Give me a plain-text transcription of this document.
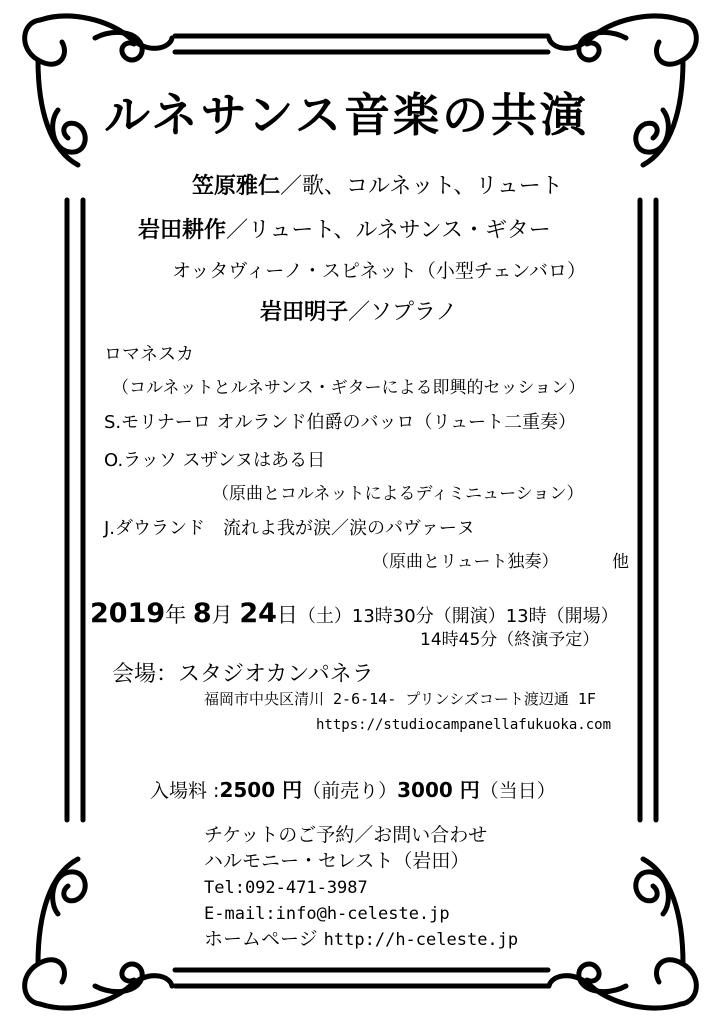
ルネサンス音楽の共演
笠原雅仁／歌、コルネット、リュート
岩田耕作／リュート、ルネサンス・ギター
オッタヴィーノ・スピネット（小型チェンバロ）
岩田明子／ソプラノ
ロマネスカ
（コルネットとルネサンス・ギターによる即興的セッション）
S.モリナーロ オルランド伯爵のバッロ（リュート二重奏）
O.ラッソ スザンヌはある日
（原曲とコルネットによるディミニューション）
J.ダウランド　流れよ我が涙／涙のパヴァーヌ
（原曲とリュート独奏）	他
2019年 8月 24日（土）13時30分（開演）13時（開場）
14時45分（終演予定）
会場：スタジオカンパネラ
福岡市中央区清川 2-6-14- プリンシズコート渡辺通 1F
https://studiocampanellafukuoka.com
入場料 :2500 円（前売り）3000 円（当日）
チケットのご予約／お問い合わせ
ハルモニー・セレスト（岩田）
Tel:092-471-3987
E-mail:info@h-celeste.jp
ホームページ http://h-celeste.jp
